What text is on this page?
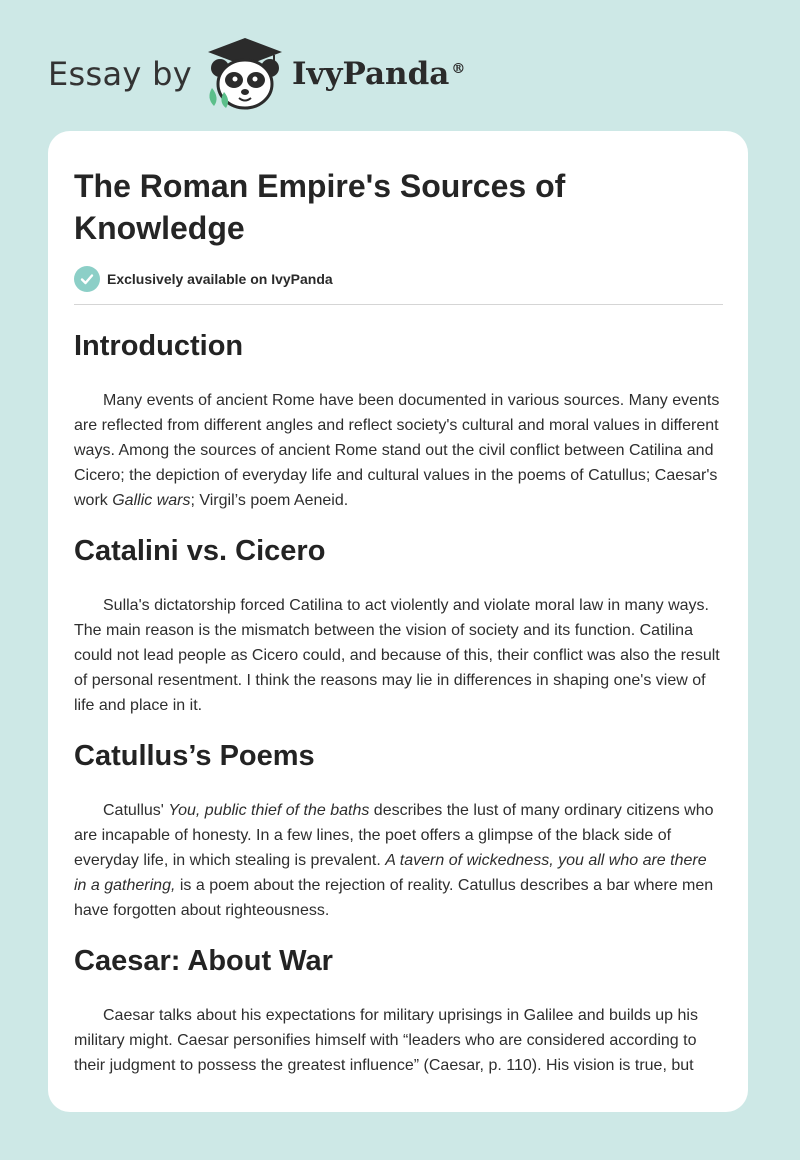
Essay by	IvyPanda ®
The Roman Empire's Sources of Knowledge
Exclusively available on IvyPanda
Introduction

Many events of ancient Rome have been documented in various sources. Many events are reflected from different angles and reflect society's cultural and moral values in different ways. Among the sources of ancient Rome stand out the civil conflict between Catilina and Cicero; the depiction of everyday life and cultural values in the poems of Catullus; Caesar's work Gallic wars; Virgil’s poem Aeneid.

Catalini vs. Cicero

Sulla's dictatorship forced Catilina to act violently and violate moral law in many ways. The main reason is the mismatch between the vision of society and its function. Catilina could not lead people as Cicero could, and because of this, their conflict was also the result of personal resentment. I think the reasons may lie in differences in shaping one's view of life and place in it.

Catullus’s Poems

Catullus' You, public thief of the baths describes the lust of many ordinary citizens who are incapable of honesty. In a few lines, the poet offers a glimpse of the black side of everyday life, in which stealing is prevalent. A tavern of wickedness, you all who are there in a gathering, is a poem about the rejection of reality. Catullus describes a bar where men have forgotten about righteousness.

Caesar: About War

Caesar talks about his expectations for military uprisings in Galilee and builds up his military might. Caesar personifies himself with “leaders who are considered according to their judgment to possess the greatest influence” (Caesar, p. 110). His vision is true, but
